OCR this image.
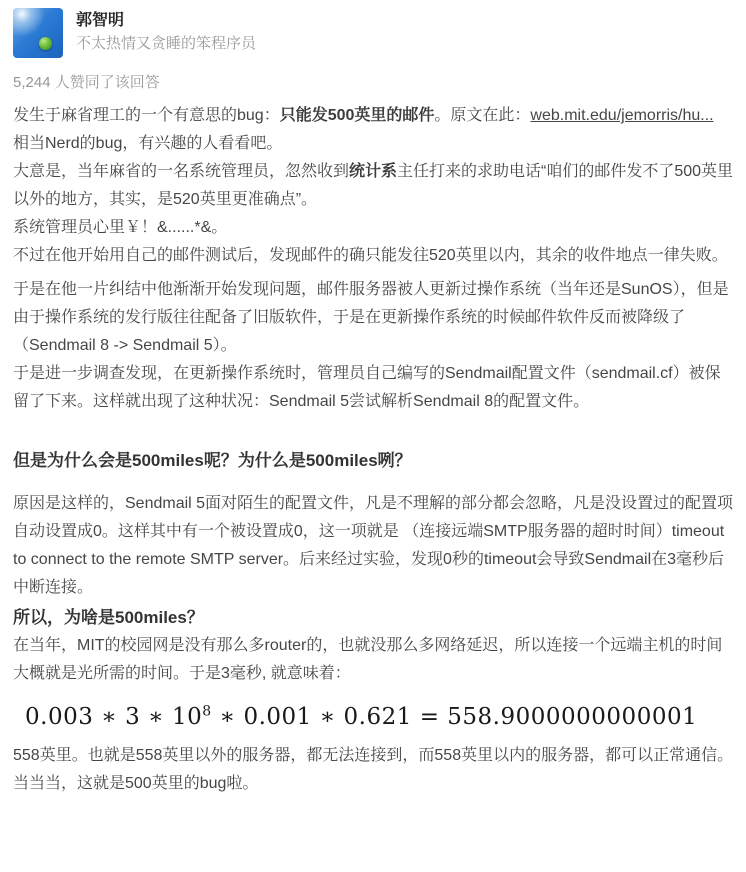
郭智明
不太热情又贪睡的笨程序员
5,244 人赞同了该回答

发生于麻省理工的一个有意思的bug：只能发500英里的邮件。原文在此：web.mit.edu/jemorris/hu...

相当Nerd的bug，有兴趣的人看看吧。

大意是，当年麻省的一名系统管理员，忽然收到统计系主任打来的求助电话“咱们的邮件发不了500英里以外的地方，其实，是520英里更准确点”。

系统管理员心里￥！&......*&。

不过在他开始用自己的邮件测试后，发现邮件的确只能发往520英里以内，其余的收件地点一律失败。

于是在他一片纠结中他渐渐开始发现问题，邮件服务器被人更新过操作系统（当年还是SunOS），但是由于操作系统的发行版往往配备了旧版软件，于是在更新操作系统的时候邮件软件反而被降级了（Sendmail 8 -> Sendmail 5）。

于是进一步调查发现，在更新操作系统时，管理员自己编写的Sendmail配置文件（sendmail.cf）被保留了下来。这样就出现了这种状况：Sendmail 5尝试解析Sendmail 8的配置文件。

但是为什么会是500miles呢？为什么是500miles咧？

原因是这样的，Sendmail 5面对陌生的配置文件，凡是不理解的部分都会忽略，凡是没设置过的配置项自动设置成0。这样其中有一个被设置成0，这一项就是 （连接远端SMTP服务器的超时时间）timeout to connect to the remote SMTP server。后来经过实验，发现0秒的timeout会导致Sendmail在3毫秒后中断连接。

所以，为啥是500miles？

在当年，MIT的校园网是没有那么多router的，也就没那么多网络延迟，所以连接一个远端主机的时间大概就是光所需的时间。于是3毫秒, 就意味着：

0.003 ∗ 3 ∗ $10^8$ ∗ 0.001 ∗ 0.621 = 558.9000000000001

558英里。也就是558英里以外的服务器，都无法连接到，而558英里以内的服务器，都可以正常通信。

当当当，这就是500英里的bug啦。
